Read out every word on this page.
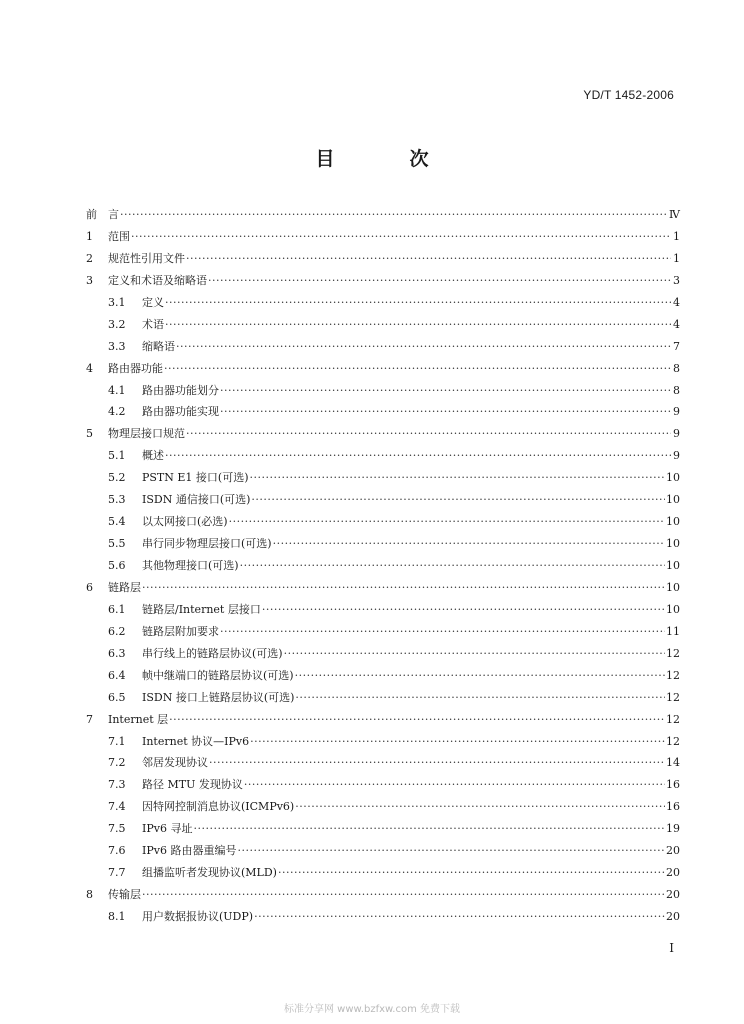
YD/T 1452-2006
目　次
前　言 ·····	Ⅳ
1	范围 ·····	1
2	规范性引用文件 ·····	1
3	定义和术语及缩略语 ·····	3
3.1	定义 ·····	4
3.2	术语 ·····	4
3.3	缩略语 ·····	7
4	路由器功能 ·····	8
4.1	路由器功能划分 ·····	8
4.2	路由器功能实现 ·····	9
5	物理层接口规范 ·····	9
5.1	概述 ·····	9
5.2	PSTN E1 接口(可选) ·····	10
5.3	ISDN 通信接口(可选) ·····	10
5.4	以太网接口(必选) ·····	10
5.5	串行同步物理层接口(可选) ·····	10
5.6	其他物理接口(可选) ·····	10
6	链路层 ·····	10
6.1	链路层/Internet 层接口 ·····	10
6.2	链路层附加要求 ·····	11
6.3	串行线上的链路层协议(可选) ·····	12
6.4	帧中继端口的链路层协议(可选) ·····	12
6.5	ISDN 接口上链路层协议(可选) ·····	12
7	Internet 层 ·····	12
7.1	Internet 协议—IPv6 ·····	12
7.2	邻居发现协议 ·····	14
7.3	路径 MTU 发现协议 ·····	16
7.4	因特网控制消息协议(ICMPv6) ·····	16
7.5	IPv6 寻址 ·····	19
7.6	IPv6 路由器重编号 ·····	20
7.7	组播监听者发现协议(MLD) ·····	20
8	传输层 ·····	20
8.1	用户数据报协议(UDP) ·····	20
I
标准分享网 www.bzfxw.com 免费下载
